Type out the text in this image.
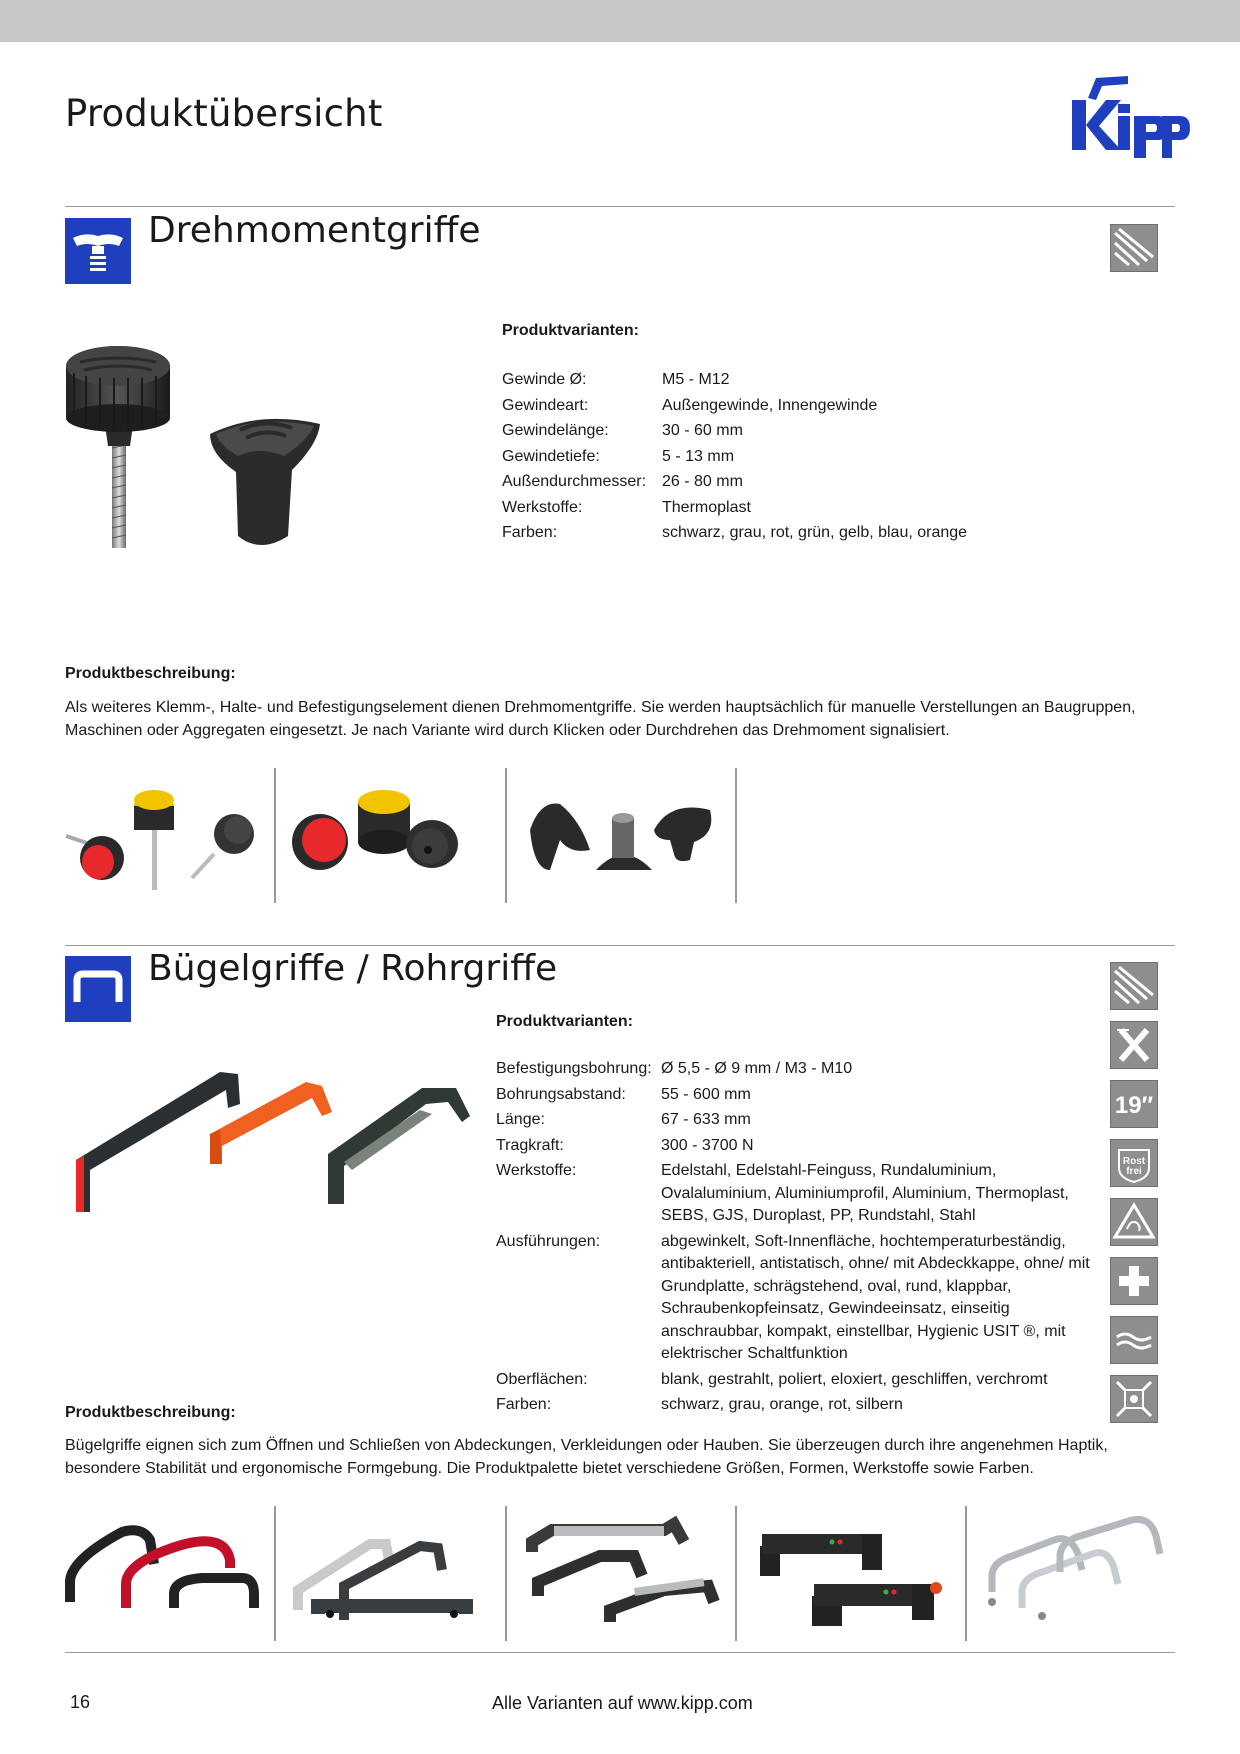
Produktübersicht
Drehmomentgriffe
Produktvarianten:
Gewinde Ø:	M5 - M12
Gewindeart:	Außengewinde, Innengewinde
Gewindelänge:	30 - 60 mm
Gewindetiefe:	5 - 13 mm
Außendurchmesser: 26 - 80 mm
Werkstoffe:	Thermoplast
Farben:	schwarz, grau, rot, grün, gelb, blau, orange
Produktbeschreibung:
Als weiteres Klemm-, Halte- und Befestigungselement dienen Drehmomentgriffe. Sie werden hauptsächlich für manuelle Verstellungen an Baugruppen, Maschinen oder Aggregaten eingesetzt. Je nach Variante wird durch Klicken oder Durchdrehen das Drehmoment signalisiert.
Bügelgriffe / Rohrgriffe
19″
Rost
frei
Produktvarianten:
Befestigungsbohrung: Ø 5,5 - Ø 9 mm / M3 - M10
Bohrungsabstand:	55 - 600 mm
Länge:	67 - 633 mm
Tragkraft:	300 - 3700 N
Werkstoffe:	Edelstahl, Edelstahl-Feinguss, Rundaluminium, Ovalaluminium, Aluminiumprofil, Aluminium, Thermoplast, SEBS, GJS, Duroplast, PP, Rundstahl, Stahl
Ausführungen:	abgewinkelt, Soft-Innenfläche, hochtemperaturbeständig, antibakteriell, antistatisch, ohne/ mit Abdeckkappe, ohne/ mit Grundplatte, schrägstehend, oval, rund, klappbar, Schraubenkopfeinsatz, Gewindeeinsatz, einseitig anschraubbar, kompakt, einstellbar, Hygienic USIT ®, mit elektrischer Schaltfunktion
Oberflächen:	blank, gestrahlt, poliert, eloxiert, geschliffen, verchromt
Farben:	schwarz, grau, orange, rot, silbern
Produktbeschreibung:
Bügelgriffe eignen sich zum Öffnen und Schließen von Abdeckungen, Verkleidungen oder Hauben. Sie überzeugen durch ihre angenehmen Haptik, besondere Stabilität und ergonomische Formgebung. Die Produktpalette bietet verschiedene Größen, Formen, Werkstoffe sowie Farben.
16	Alle Varianten auf www.kipp.com
